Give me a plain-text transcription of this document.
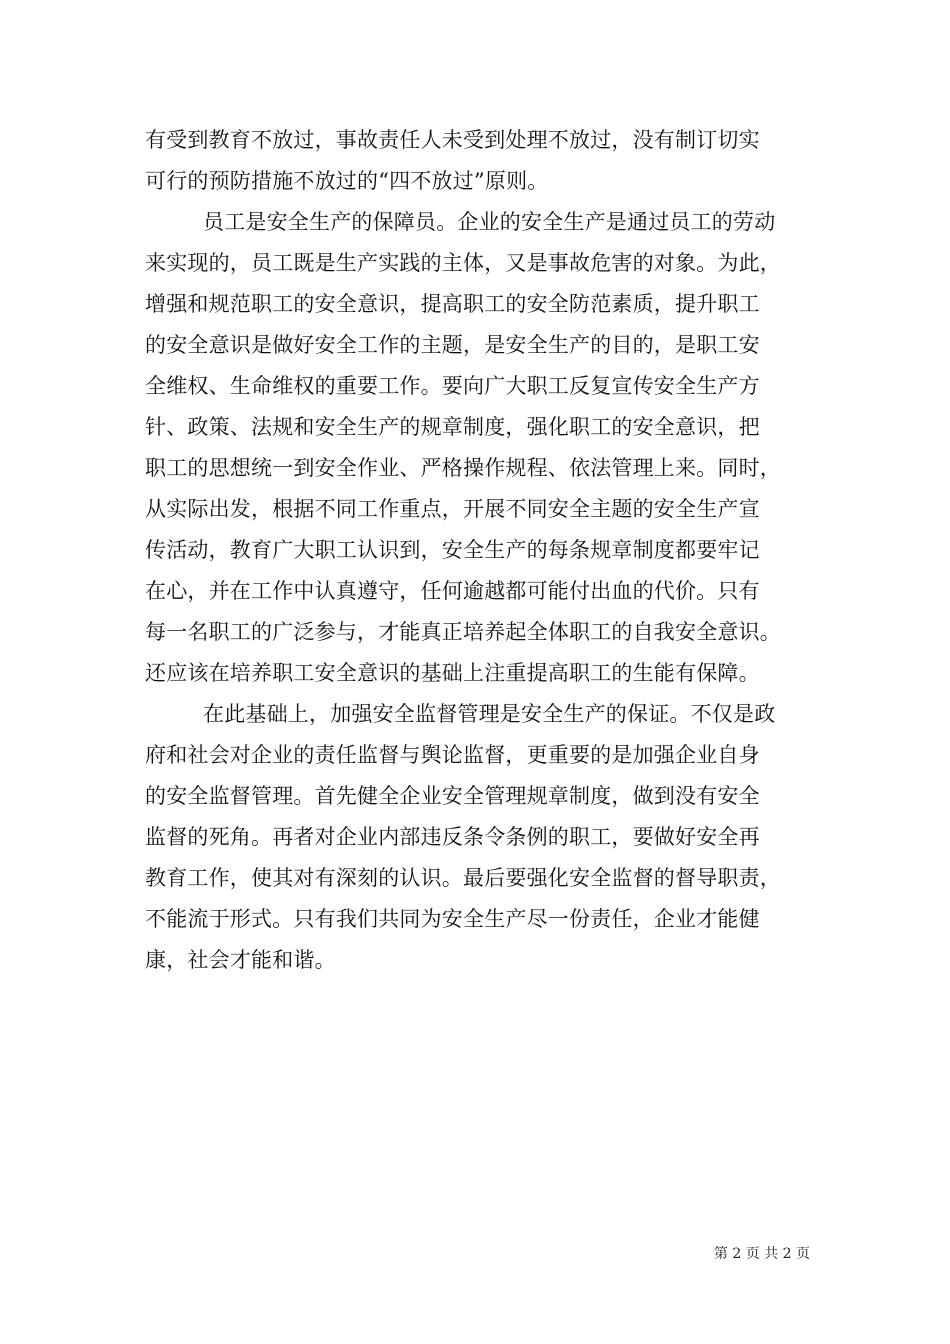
有受到教育不放过，事故责任人未受到处理不放过，没有制订切实
可行的预防措施不放过的“四不放过”原则。
员工是安全生产的保障员。企业的安全生产是通过员工的劳动
来实现的，员工既是生产实践的主体，又是事故危害的对象。为此，
增强和规范职工的安全意识，提高职工的安全防范素质，提升职工
的安全意识是做好安全工作的主题，是安全生产的目的，是职工安
全维权、生命维权的重要工作。要向广大职工反复宣传安全生产方
针、政策、法规和安全生产的规章制度，强化职工的安全意识，把
职工的思想统一到安全作业、严格操作规程、依法管理上来。同时，
从实际出发，根据不同工作重点，开展不同安全主题的安全生产宣
传活动，教育广大职工认识到，安全生产的每条规章制度都要牢记
在心，并在工作中认真遵守，任何逾越都可能付出血的代价。只有
每一名职工的广泛参与，才能真正培养起全体职工的自我安全意识。
还应该在培养职工安全意识的基础上注重提高职工的生能有保障。
在此基础上，加强安全监督管理是安全生产的保证。不仅是政
府和社会对企业的责任监督与舆论监督，更重要的是加强企业自身
的安全监督管理。首先健全企业安全管理规章制度，做到没有安全
监督的死角。再者对企业内部违反条令条例的职工，要做好安全再
教育工作，使其对有深刻的认识。最后要强化安全监督的督导职责，
不能流于形式。只有我们共同为安全生产尽一份责任，企业才能健
康，社会才能和谐。
第 2 页 共 2 页
